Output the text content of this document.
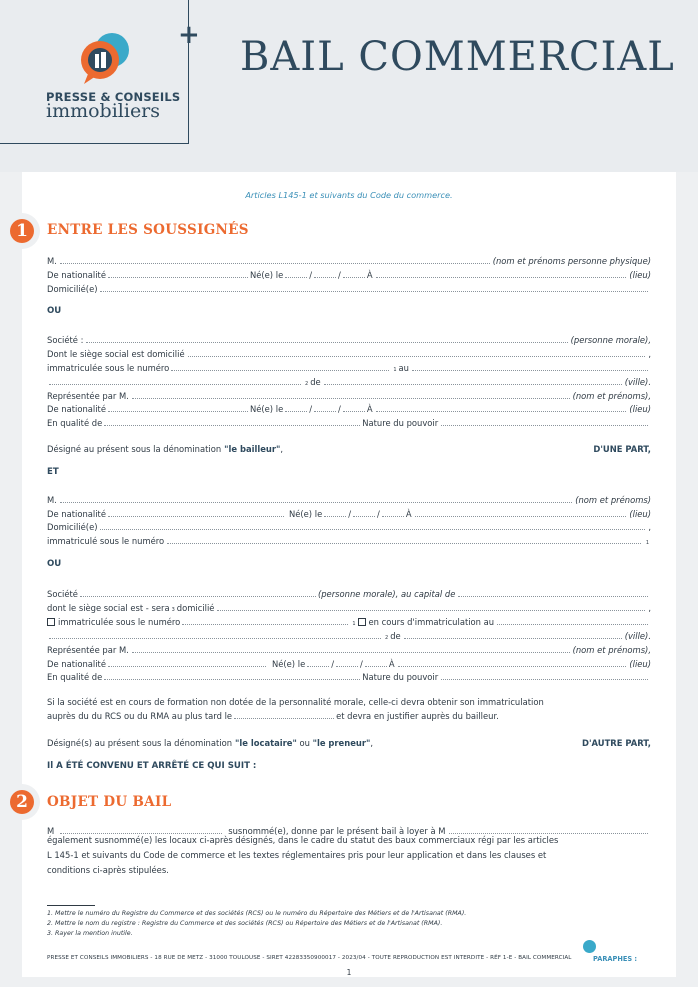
+
PRESSE & CONSEILS
immobiliers
BAIL COMMERCIAL
Articles L145-1 et suivants du Code du commerce.
1	ENTRE LES SOUSSIGNÉS
M.	(nom et prénoms personne physique)
De nationalité	Né(e) le	/	/	À	(lieu)
Domicilié(e)
OU
Société :	(personne morale),
Dont le siège social est domicilié	,
immatriculée sous le numéro	1 au
2 de	(ville).
Représentée par M.	(nom et prénoms),
De nationalité	Né(e) le	/	/	À	(lieu)
En qualité de	Nature du pouvoir
Désigné au présent sous la dénomination "le bailleur" ,	D'UNE PART,
ET
M.	(nom et prénoms)
De nationalité	Né(e) le	/	/	À	(lieu)
Domicilié(e)	,
immatriculé sous le numéro	1
OU
Société	(personne morale), au capital de
dont le siège social est - sera 3 domicilié	,
immatriculée sous le numéro	1 en cours d'immatriculation au
2 de	(ville).
Représentée par M.	(nom et prénoms),
De nationalité	Né(e) le	/	/	À	(lieu)
En qualité de	Nature du pouvoir
Si la société est en cours de formation non dotée de la personnalité morale, celle-ci devra obtenir son immatriculation
auprès du du RCS ou du RMA au plus tard le	et devra en justifier auprès du bailleur.
Désigné(s) au présent sous la dénomination "le locataire" ou "le preneur" ,	D'AUTRE PART,
Il A ÉTÉ CONVENU ET ARRÊTÉ CE QUI SUIT :
2	OBJET DU BAIL
M	susnommé(e), donne par le présent bail à loyer à M
également susnommé(e) les locaux ci-après désignés, dans le cadre du statut des baux commerciaux régi par les articles
L 145-1 et suivants du Code de commerce et les textes réglementaires pris pour leur application et dans les clauses et
conditions ci-après stipulées.
1. Mettre le numéro du Registre du Commerce et des sociétés (RCS) ou le numéro du Répertoire des Métiers et de l'Artisanat (RMA).
2. Mettre le nom du registre : Registre du Commerce et des sociétés (RCS) ou Répertoire des Métiers et de l'Artisanat (RMA).
3. Rayer la mention inutile.
PRESSE ET CONSEILS IMMOBILIERS - 18 RUE DE METZ - 31000 TOULOUSE - SIRET 42283350900017 - 2023/04 - TOUTE REPRODUCTION EST INTERDITE - RÉF 1-E - BAIL COMMERCIAL	PARAPHES :
1
